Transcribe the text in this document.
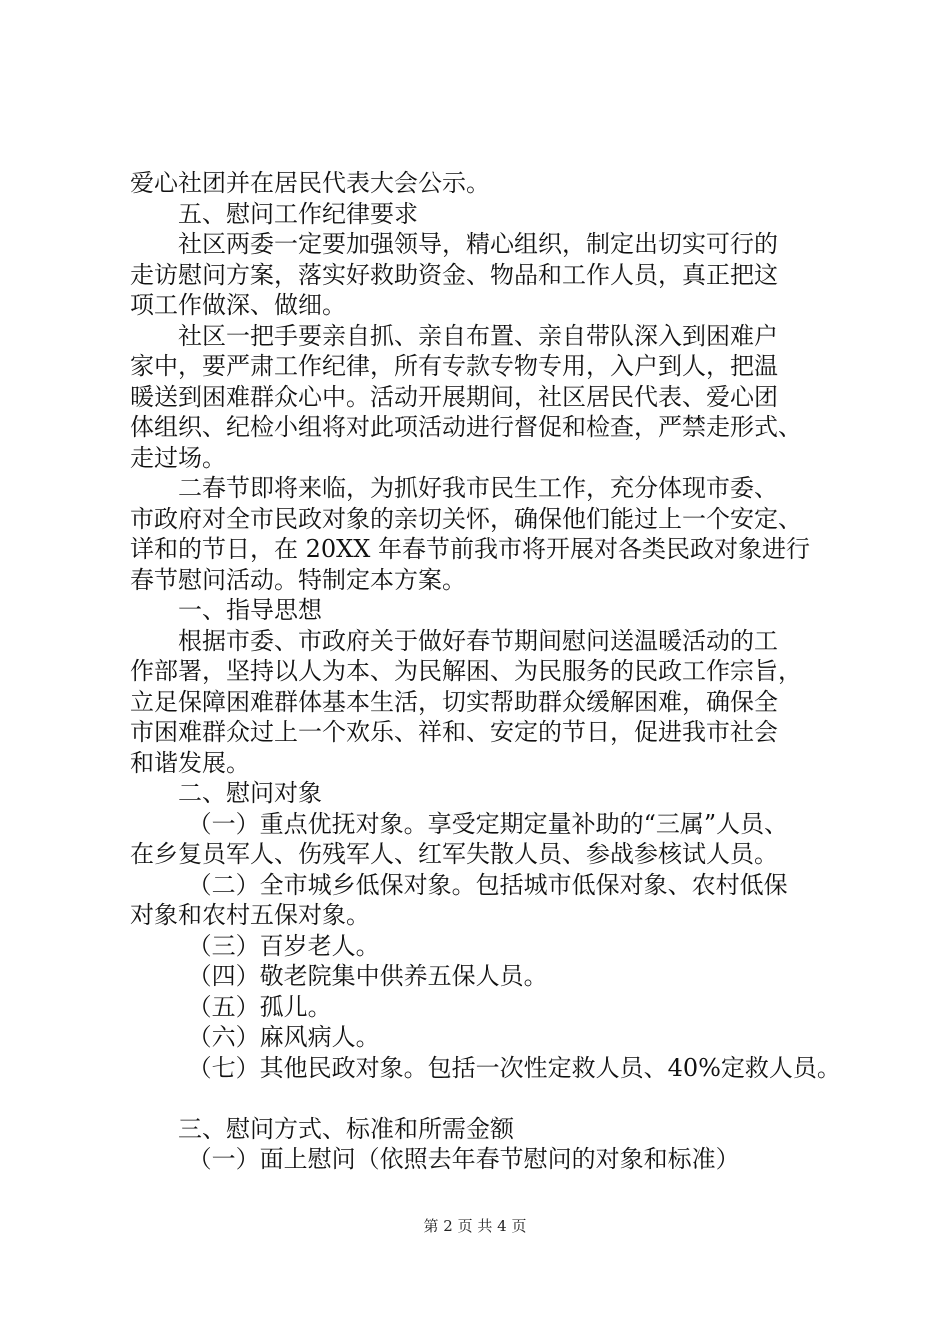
爱心社团并在居民代表大会公示。
五、慰问工作纪律要求
社区两委一定要加强领导，精心组织，制定出切实可行的
走访慰问方案，落实好救助资金、物品和工作人员，真正把这
项工作做深、做细。
社区一把手要亲自抓、亲自布置、亲自带队深入到困难户
家中，要严肃工作纪律，所有专款专物专用，入户到人，把温
暖送到困难群众心中。活动开展期间，社区居民代表、爱心团
体组织、纪检小组将对此项活动进行督促和检查，严禁走形式、
走过场。
二春节即将来临，为抓好我市民生工作，充分体现市委、
市政府对全市民政对象的亲切关怀，确保他们能过上一个安定、
详和的节日，在 20XX 年春节前我市将开展对各类民政对象进行
春节慰问活动。特制定本方案。
一、指导思想
根据市委、市政府关于做好春节期间慰问送温暖活动的工
作部署，坚持以人为本、为民解困、为民服务的民政工作宗旨，
立足保障困难群体基本生活，切实帮助群众缓解困难，确保全
市困难群众过上一个欢乐、祥和、安定的节日，促进我市社会
和谐发展。
二、慰问对象
（一）重点优抚对象。享受定期定量补助的“三属”人员、
在乡复员军人、伤残军人、红军失散人员、参战参核试人员。
（二）全市城乡低保对象。包括城市低保对象、农村低保
对象和农村五保对象。
（三）百岁老人。
（四）敬老院集中供养五保人员。
（五）孤儿。
（六）麻风病人。
（七）其他民政对象。包括一次性定救人员、40%定救人员。
三、慰问方式、标准和所需金额
（一）面上慰问（依照去年春节慰问的对象和标准）
第 2 页 共 4 页
